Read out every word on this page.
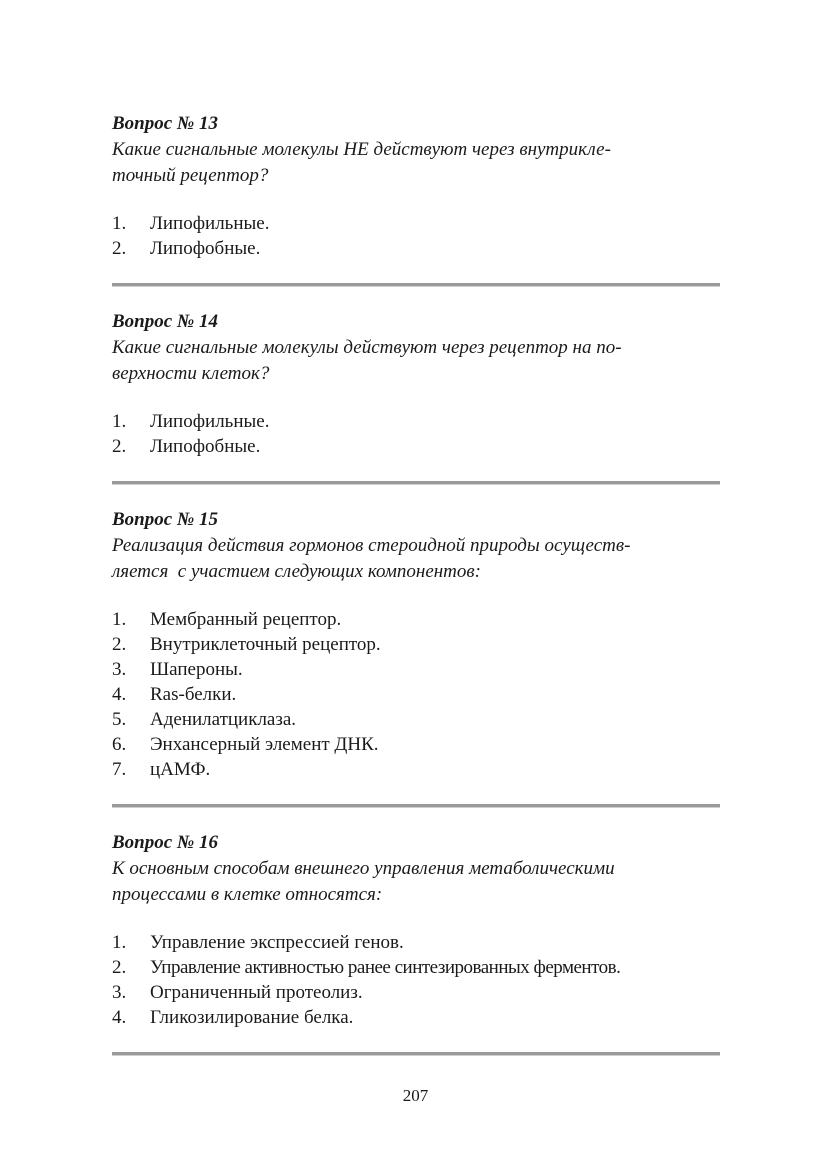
Вопрос № 13

Какие сигнальные молекулы НЕ действуют через внутрикле-
точный рецептор?

1.	Липофильные.
2.	Липофобные.

Вопрос № 14

Какие сигнальные молекулы действуют через рецептор на по-
верхности клеток?

1.	Липофильные.
2.	Липофобные.

Вопрос № 15

Реализация действия гормонов стероидной природы осуществ-
ляется  с участием следующих компонентов:

1.	Мембранный рецептор.
2.	Внутриклеточный рецептор.
3.	Шапероны.
4.	Ras-белки.
5.	Аденилатциклаза.
6.	Энхансерный элемент ДНК.
7.	цАМФ.

Вопрос № 16

К основным способам внешнего управления метаболическими
процессами в клетке относятся:

1.	Управление экспрессией генов.
2.	Управление активностью ранее синтезированных ферментов.
3.	Ограниченный протеолиз.
4.	Гликозилирование белка.
207
